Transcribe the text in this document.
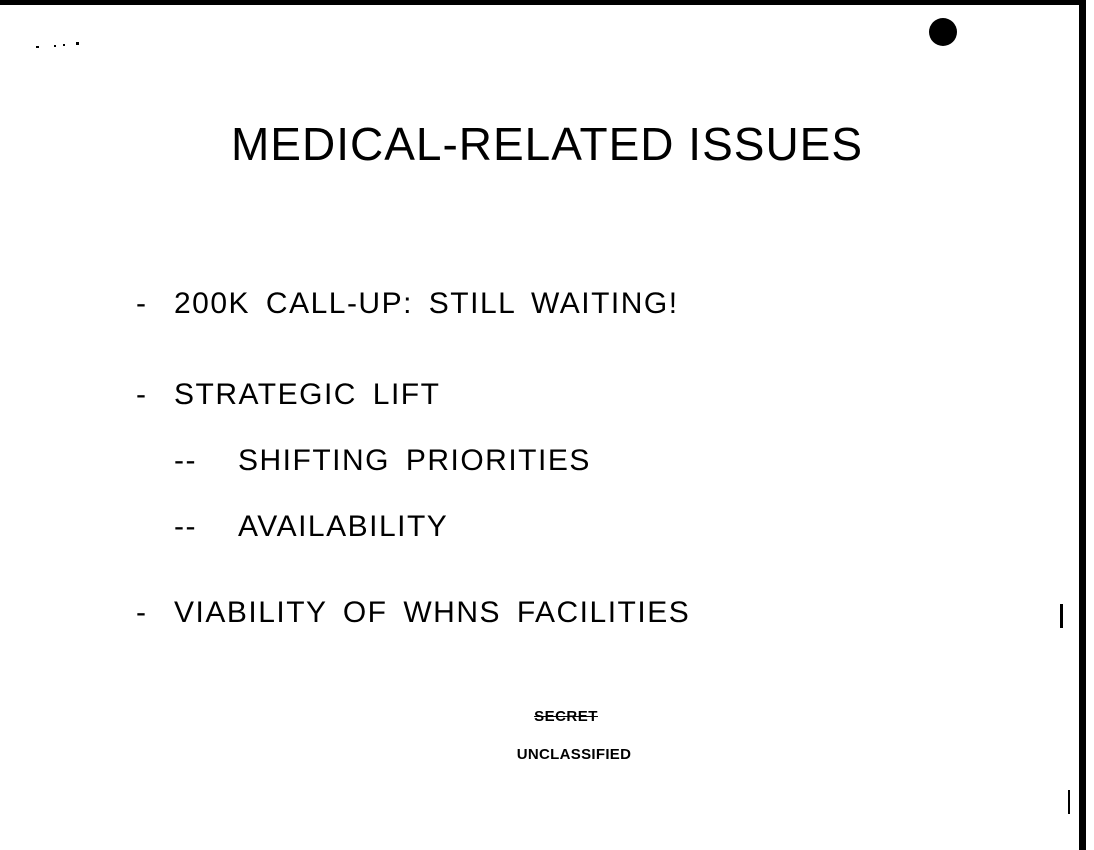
MEDICAL-RELATED ISSUES
- 200K CALL-UP: STILL WAITING!
- STRATEGIC LIFT
-- SHIFTING PRIORITIES
-- AVAILABILITY
- VIABILITY OF WHNS FACILITIES
SECRET
UNCLASSIFIED
